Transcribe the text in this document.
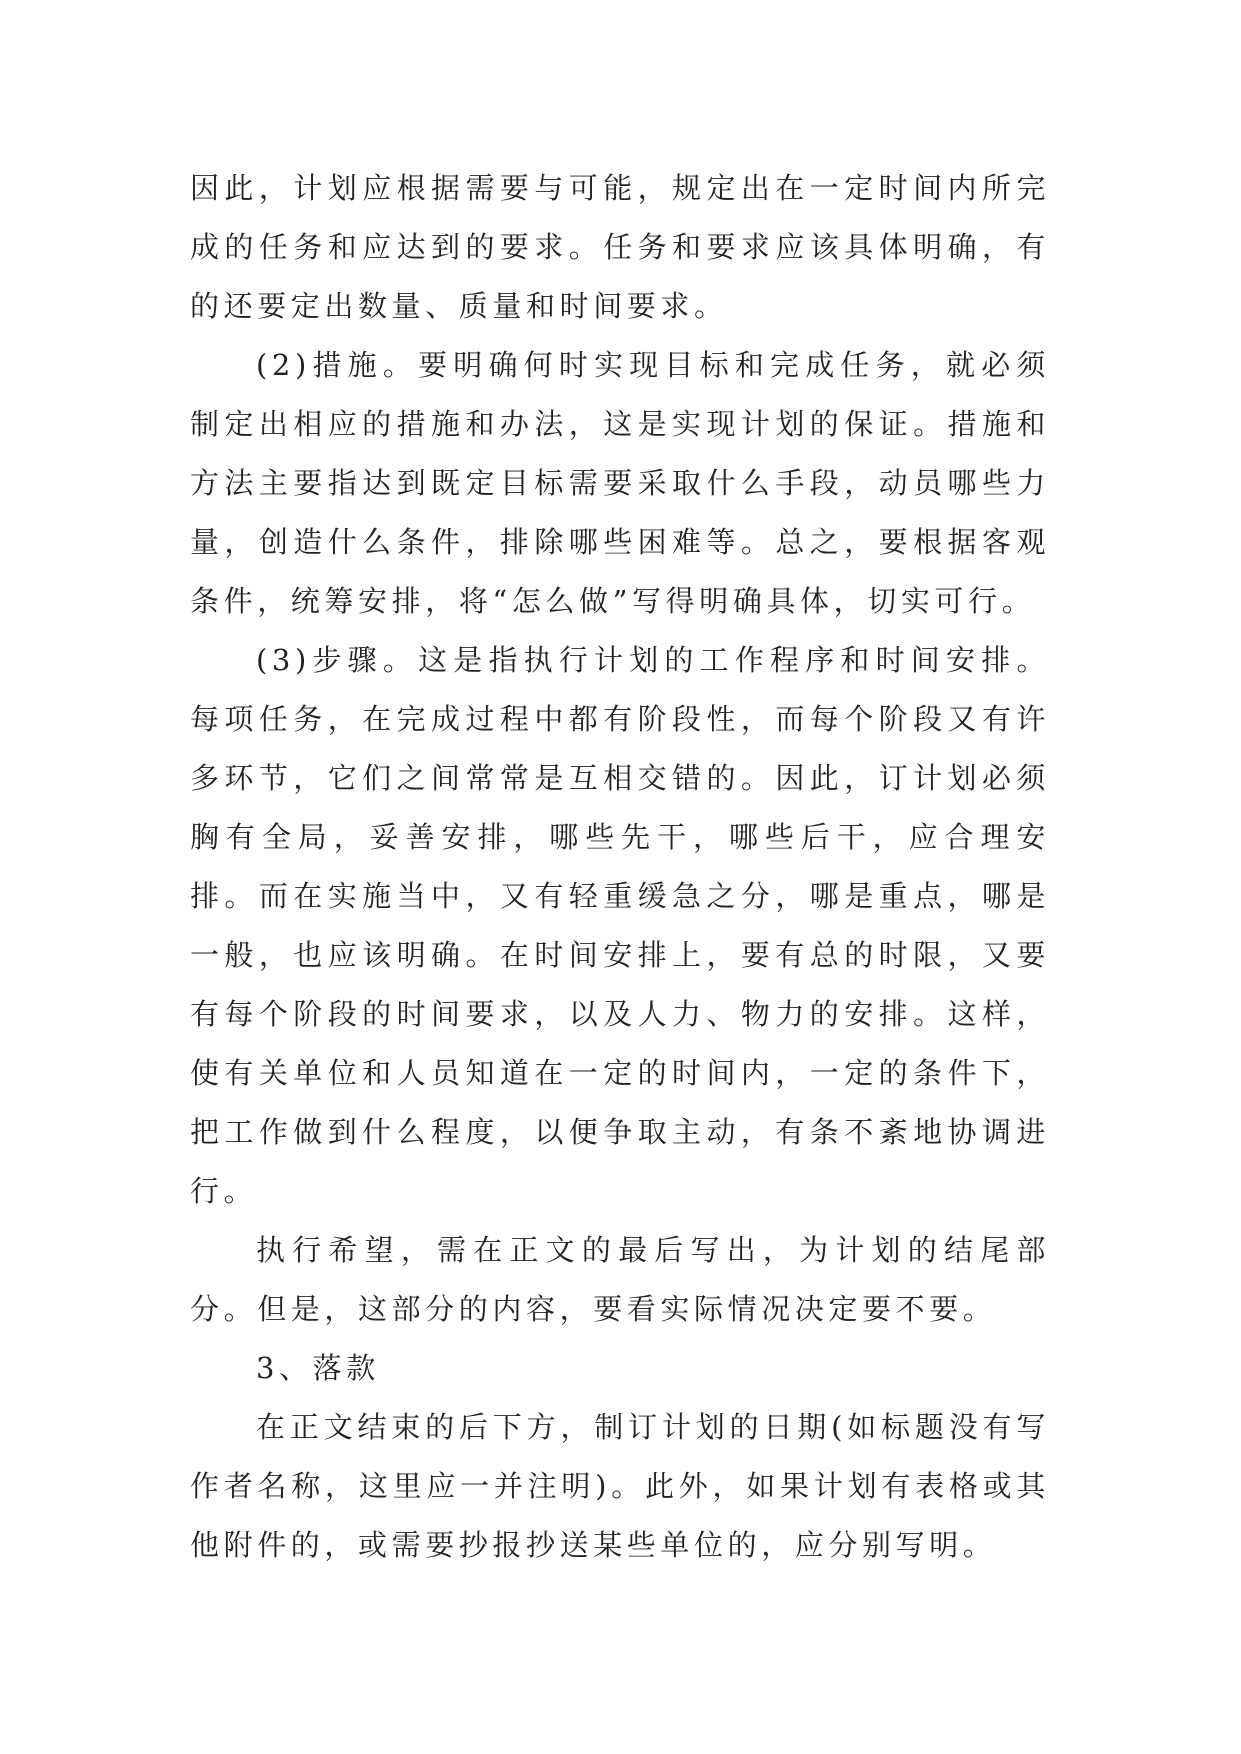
因此，计划应根据需要与可能，规定出在一定时间内所完成的任务和应达到的要求。任务和要求应该具体明确，有的还要定出数量、质量和时间要求。

(2)措施。要明确何时实现目标和完成任务，就必须制定出相应的措施和办法，这是实现计划的保证。措施和方法主要指达到既定目标需要采取什么手段，动员哪些力量，创造什么条件，排除哪些困难等。总之，要根据客观条件，统筹安排，将“怎么做”写得明确具体，切实可行。

(3)步骤。这是指执行计划的工作程序和时间安排。每项任务，在完成过程中都有阶段性，而每个阶段又有许多环节，它们之间常常是互相交错的。因此，订计划必须胸有全局，妥善安排，哪些先干，哪些后干，应合理安排。而在实施当中，又有轻重缓急之分，哪是重点，哪是一般，也应该明确。在时间安排上，要有总的时限，又要有每个阶段的时间要求，以及人力、物力的安排。这样，使有关单位和人员知道在一定的时间内，一定的条件下，把工作做到什么程度，以便争取主动，有条不紊地协调进行。

执行希望，需在正文的最后写出，为计划的结尾部分。但是，这部分的内容，要看实际情况决定要不要。

3、落款

在正文结束的后下方，制订计划的日期(如标题没有写作者名称，这里应一并注明)。此外，如果计划有表格或其他附件的，或需要抄报抄送某些单位的，应分别写明。
